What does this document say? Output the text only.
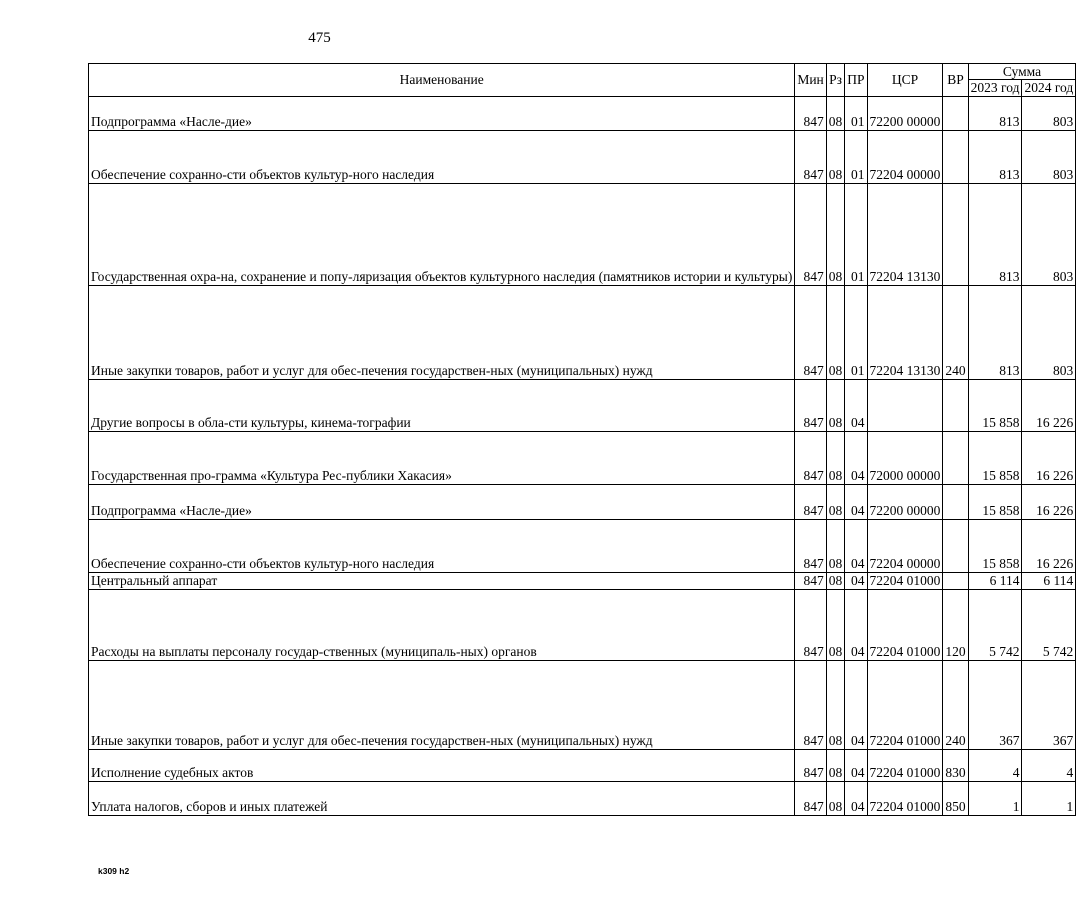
475
Наименование	Мин	Рз	ПР	ЦСР	ВР	Сумма	
						2023 год	2024 год
Подпрограмма «Насле-дие»	847	08	01	72200 00000		813	803
Обеспечение сохранно-сти объектов культур-ного наследия	847	08	01	72204 00000		813	803
Государственная охра-на, сохранение и попу-ляризация объектов культурного наследия (памятников истории и культуры)	847	08	01	72204 13130		813	803
Иные закупки товаров, работ и услуг для обес-печения государствен-ных (муниципальных) нужд	847	08	01	72204 13130	240	813	803
Другие вопросы в обла-сти культуры, кинема-тографии	847	08	04			15 858	16 226
Государственная про-грамма «Культура Рес-публики Хакасия»	847	08	04	72000 00000		15 858	16 226
Подпрограмма «Насле-дие»	847	08	04	72200 00000		15 858	16 226
Обеспечение сохранно-сти объектов культур-ного наследия	847	08	04	72204 00000		15 858	16 226
Центральный аппарат	847	08	04	72204 01000		6 114	6 114
Расходы на выплаты персоналу государ-ственных (муниципаль-ных) органов	847	08	04	72204 01000	120	5 742	5 742
Иные закупки товаров, работ и услуг для обес-печения государствен-ных (муниципальных) нужд	847	08	04	72204 01000	240	367	367
Исполнение судебных актов	847	08	04	72204 01000	830	4	4
Уплата налогов, сборов и иных платежей	847	08	04	72204 01000	850	1	1
k309 h2
